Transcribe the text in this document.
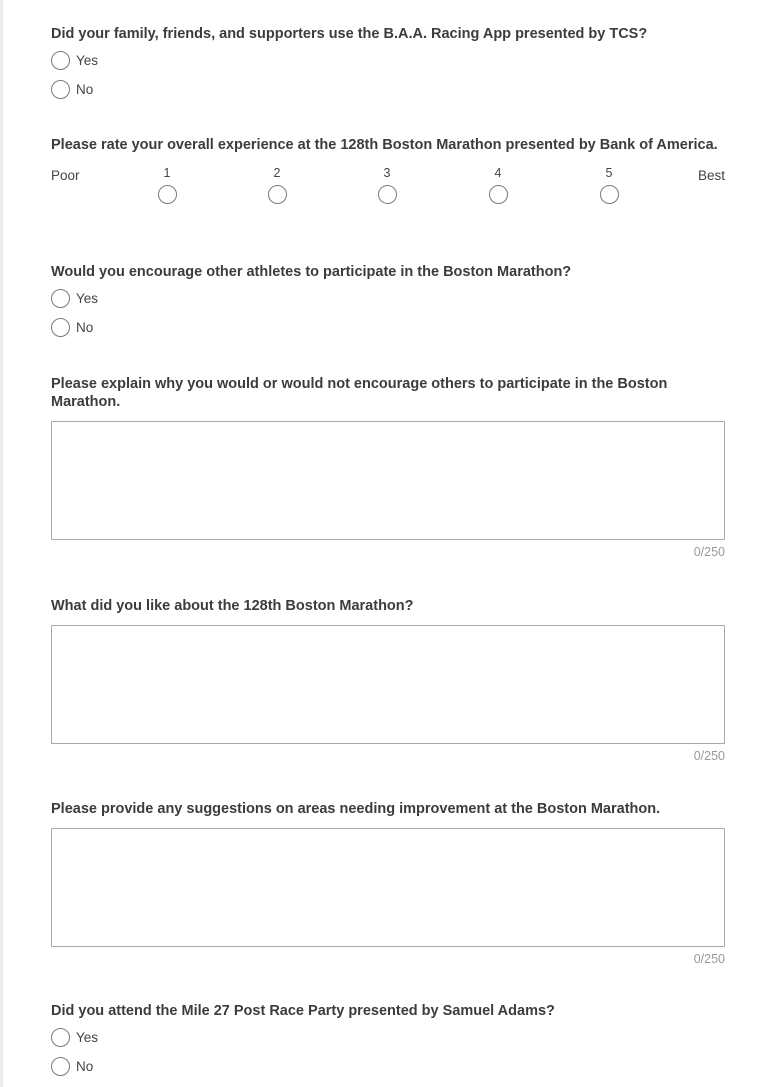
Did your family, friends, and supporters use the B.A.A. Racing App presented by TCS?
Yes
No
Please rate your overall experience at the 128th Boston Marathon presented by Bank of America.
Poor	1	2	3	4	5	Best
Would you encourage other athletes to participate in the Boston Marathon?
Yes
No
Please explain why you would or would not encourage others to participate in the Boston Marathon.
0/250
What did you like about the 128th Boston Marathon?
0/250
Please provide any suggestions on areas needing improvement at the Boston Marathon.
0/250
Did you attend the Mile 27 Post Race Party presented by Samuel Adams?
Yes
No
